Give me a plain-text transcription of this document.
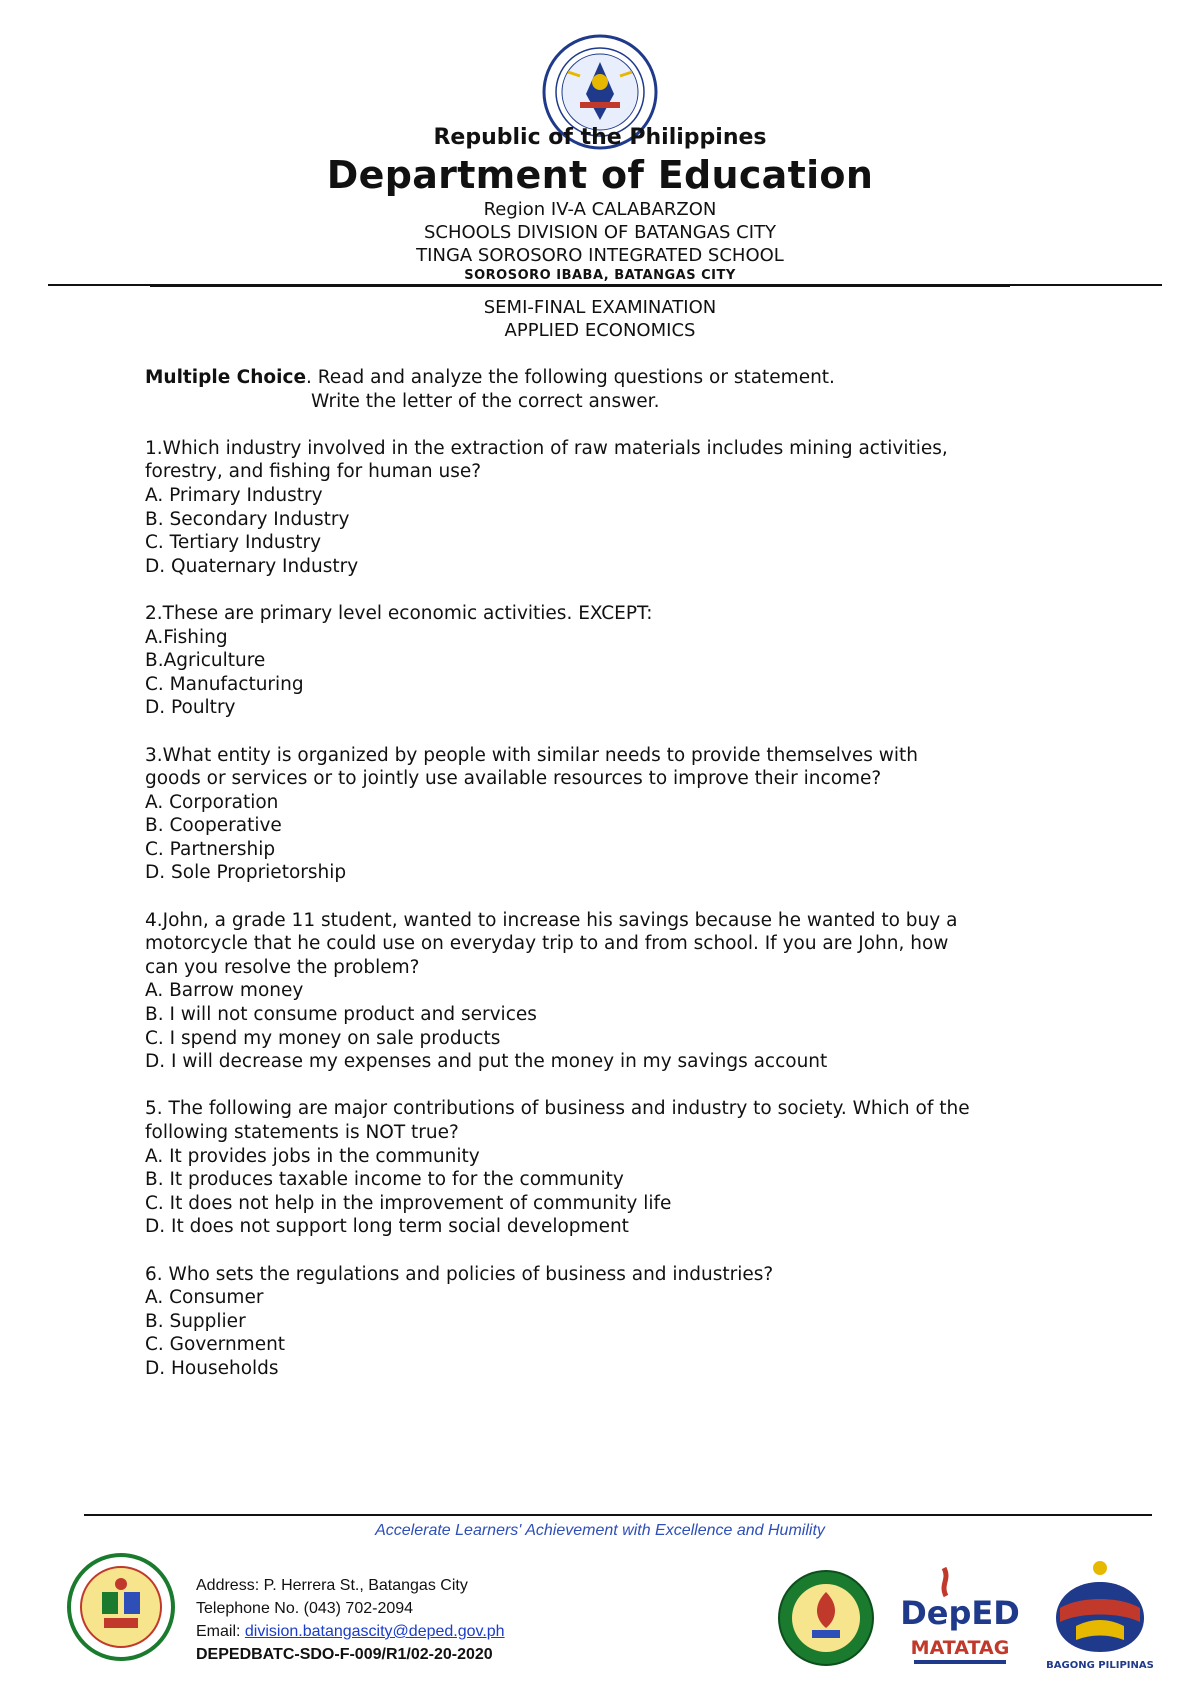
Republic of the Philippines
Department of Education
Region IV-A CALABARZON
SCHOOLS DIVISION OF BATANGAS CITY
TINGA SOROSORO INTEGRATED SCHOOL
SOROSORO IBABA, BATANGAS CITY
SEMI-FINAL EXAMINATION
APPLIED ECONOMICS
Multiple Choice. Read and analyze the following questions or statement.
Write the letter of the correct answer.

1.Which industry involved in the extraction of raw materials includes mining activities,

forestry, and fishing for human use?

A. Primary Industry

B. Secondary Industry

C. Tertiary Industry

D. Quaternary Industry

2.These are primary level economic activities. EXCEPT:

A.Fishing

B.Agriculture

C. Manufacturing

D. Poultry

3.What entity is organized by people with similar needs to provide themselves with

goods or services or to jointly use available resources to improve their income?

A. Corporation

B. Cooperative

C. Partnership

D. Sole Proprietorship

4.John, a grade 11 student, wanted to increase his savings because he wanted to buy a

motorcycle that he could use on everyday trip to and from school. If you are John, how

can you resolve the problem?

A. Barrow money

B. I will not consume product and services

C. I spend my money on sale products

D. I will decrease my expenses and put the money in my savings account

5. The following are major contributions of business and industry to society. Which of the

following statements is NOT true?

A. It provides jobs in the community

B. It produces taxable income to for the community

C. It does not help in the improvement of community life

D. It does not support long term social development

6. Who sets the regulations and policies of business and industries?

A. Consumer

B. Supplier

C. Government

D. Households

Accelerate Learners' Achievement with Excellence and Humility
Address: P. Herrera St., Batangas City
Telephone No. (043) 702-2094
Email: division.batangascity@deped.gov.ph
DEPEDBATC-SDO-F-009/R1/02-20-2020
DepED
MATATAG
BAGONG PILIPINAS
